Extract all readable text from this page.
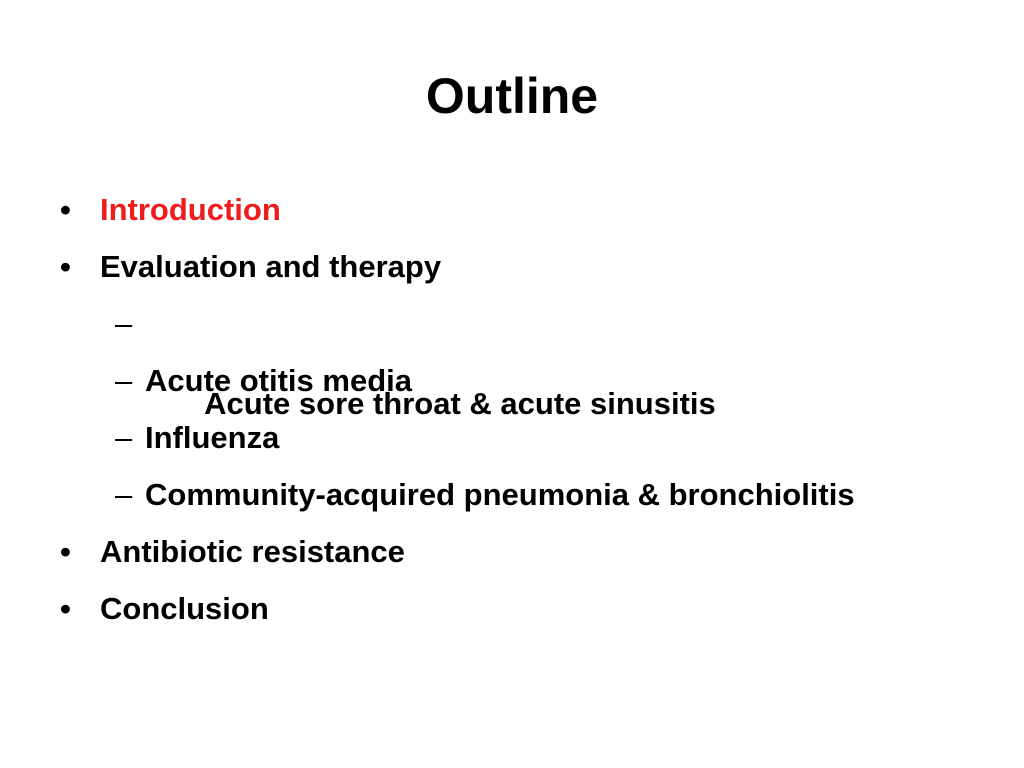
Outline
• Introduction
• Evaluation and therapy

–

Acute sore throat & acute sinusitis

– Acute otitis media
– Influenza
– Community-acquired pneumonia & bronchiolitis
• Antibiotic resistance
• Conclusion
